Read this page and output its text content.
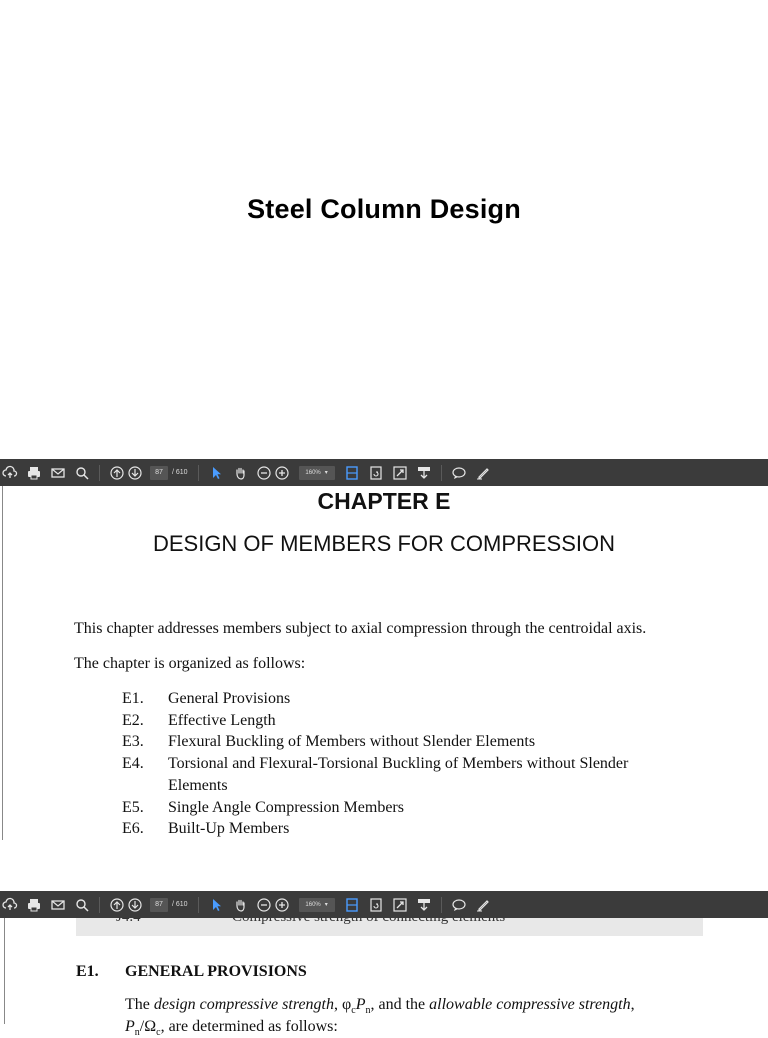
Steel Column Design
87	/ 610	160% ▾
CHAPTER E
DESIGN OF MEMBERS FOR COMPRESSION
This chapter addresses members subject to axial compression through the centroidal axis.
The chapter is organized as follows:
E1.	General Provisions
E2.	Effective Length
E3.	Flexural Buckling of Members without Slender Elements
E4.	Torsional and Flexural-Torsional Buckling of Members without Slender Elements
E5.	Single Angle Compression Members
E6.	Built-Up Members
E1. GENERAL PROVISIONS
The design compressive strength, $\varphi_cP_n$, and the allowable compressive strength,
$P_n/\Omega_c$, are determined as follows:
87	/ 610	160% ▾
